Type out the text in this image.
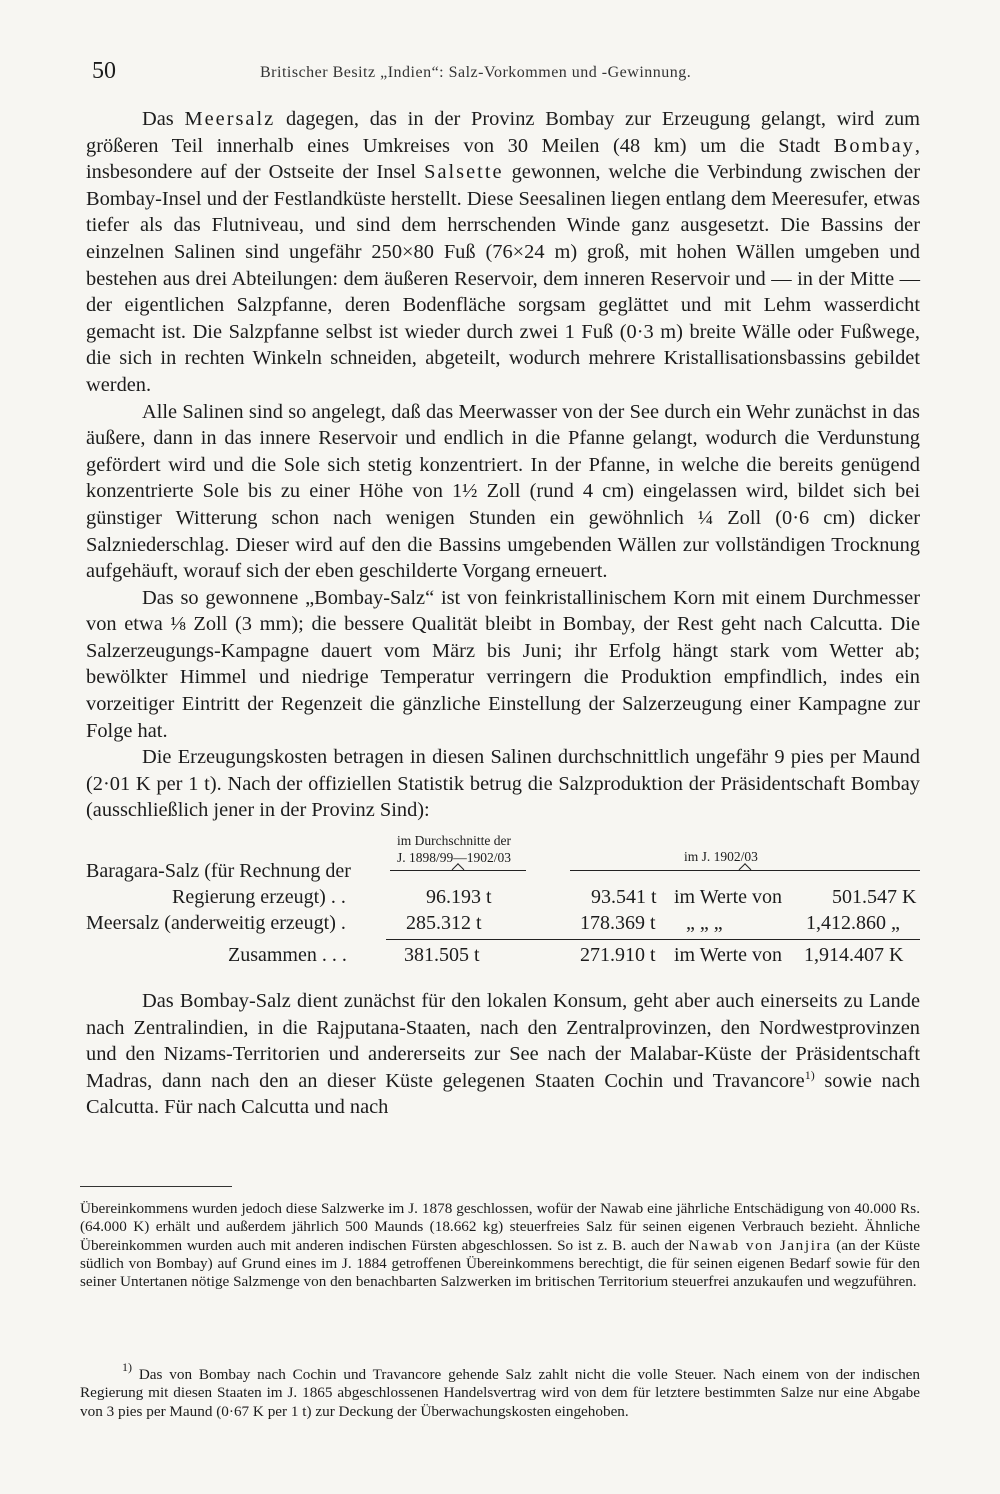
50	Britischer Besitz „Indien“: Salz-Vorkommen und -Gewinnung.

Das Meersalz dagegen, das in der Provinz Bombay zur Erzeugung gelangt, wird zum größeren Teil innerhalb eines Umkreises von 30 Meilen (48 km) um die Stadt Bombay, insbesondere auf der Ostseite der Insel Salsette gewonnen, welche die Verbindung zwischen der Bombay-Insel und der Festlandküste herstellt. Diese Seesalinen liegen entlang dem Meeresufer, etwas tiefer als das Flutniveau, und sind dem herrschenden Winde ganz ausgesetzt. Die Bassins der einzelnen Salinen sind ungefähr 250×80 Fuß (76×24 m) groß, mit hohen Wällen umgeben und bestehen aus drei Abteilungen: dem äußeren Reservoir, dem inneren Reservoir und — in der Mitte — der eigentlichen Salzpfanne, deren Bodenfläche sorgsam geglättet und mit Lehm wasserdicht gemacht ist. Die Salzpfanne selbst ist wieder durch zwei 1 Fuß (0·3 m) breite Wälle oder Fußwege, die sich in rechten Winkeln schneiden, abgeteilt, wodurch mehrere Kristallisationsbassins gebildet werden.

Alle Salinen sind so angelegt, daß das Meerwasser von der See durch ein Wehr zunächst in das äußere, dann in das innere Reservoir und endlich in die Pfanne gelangt, wodurch die Verdunstung gefördert wird und die Sole sich stetig konzentriert. In der Pfanne, in welche die bereits genügend konzentrierte Sole bis zu einer Höhe von 1½ Zoll (rund 4 cm) eingelassen wird, bildet sich bei günstiger Witterung schon nach wenigen Stunden ein gewöhnlich ¼ Zoll (0·6 cm) dicker Salzniederschlag. Dieser wird auf den die Bassins umgebenden Wällen zur vollständigen Trocknung aufgehäuft, worauf sich der eben geschilderte Vorgang erneuert.

Das so gewonnene „Bombay-Salz“ ist von feinkristallinischem Korn mit einem Durchmesser von etwa ⅛ Zoll (3 mm); die bessere Qualität bleibt in Bombay, der Rest geht nach Calcutta. Die Salzerzeugungs-Kampagne dauert vom März bis Juni; ihr Erfolg hängt stark vom Wetter ab; bewölkter Himmel und niedrige Temperatur verringern die Produktion empfindlich, indes ein vorzeitiger Eintritt der Regenzeit die gänzliche Einstellung der Salzerzeugung einer Kampagne zur Folge hat.

Die Erzeugungskosten betragen in diesen Salinen durchschnittlich ungefähr 9 pies per Maund (2·01 K per 1 t). Nach der offiziellen Statistik betrug die Salzproduktion der Präsidentschaft Bombay (ausschließlich jener in der Provinz Sind):

im Durchschnitte der
J. 1898/99—1902/03	im J. 1902/03
Baragara-Salz (für Rechnung der
Regierung erzeugt) . .	96.193 t	93.541 t im Werte von	501.547 K
Meersalz (anderweitig erzeugt) .	285.312 t	178.369 t „ „ „	1,412.860 „
Zusammen . . .	381.505 t	271.910 t im Werte von 1,914.407 K

Das Bombay-Salz dient zunächst für den lokalen Konsum, geht aber auch einerseits zu Lande nach Zentralindien, in die Rajputana-Staaten, nach den Zentralprovinzen, den Nordwestprovinzen und den Nizams-Territorien und andererseits zur See nach der Malabar-Küste der Präsidentschaft Madras, dann nach den an dieser Küste gelegenen Staaten Cochin und Travancore$^{1)}$ sowie nach Calcutta. Für nach Calcutta und nach

Übereinkommens wurden jedoch diese Salzwerke im J. 1878 geschlossen, wofür der Nawab eine jährliche Entschädigung von 40.000 Rs. (64.000 K) erhält und außerdem jährlich 500 Maunds (18.662 kg) steuerfreies Salz für seinen eigenen Verbrauch bezieht. Ähnliche Übereinkommen wurden auch mit anderen indischen Fürsten abgeschlossen. So ist z. B. auch der Nawab von Janjira (an der Küste südlich von Bombay) auf Grund eines im J. 1884 getroffenen Übereinkommens berechtigt, die für seinen eigenen Bedarf sowie für den seiner Untertanen nötige Salzmenge von den benachbarten Salzwerken im britischen Territorium steuerfrei anzukaufen und wegzuführen.

$^{1)}$ Das von Bombay nach Cochin und Travancore gehende Salz zahlt nicht die volle Steuer. Nach einem von der indischen Regierung mit diesen Staaten im J. 1865 abgeschlossenen Handelsvertrag wird von dem für letztere bestimmten Salze nur eine Abgabe von 3 pies per Maund (0·67 K per 1 t) zur Deckung der Überwachungskosten eingehoben.
